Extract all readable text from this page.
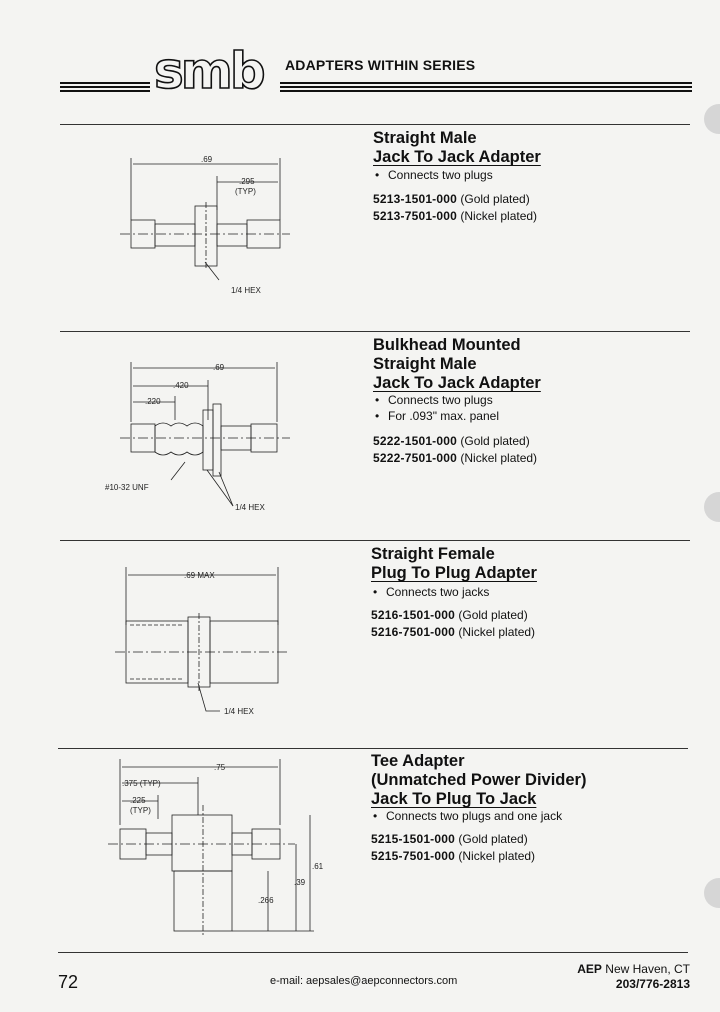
smb ADAPTERS WITHIN SERIES
Straight Male
Jack To Jack Adapter
• Connects two plugs
5213-1501-000 (Gold plated)
5213-7501-000 (Nickel plated)
.69
.295
(TYP)
1/4 HEX
Bulkhead Mounted
Straight Male
Jack To Jack Adapter
• Connects two plugs
• For .093" max. panel
5222-1501-000 (Gold plated)
5222-7501-000 (Nickel plated)
.69
.420
.220
#10-32 UNF
1/4 HEX
Straight Female
Plug To Plug Adapter
• Connects two jacks
5216-1501-000 (Gold plated)
5216-7501-000 (Nickel plated)
.69 MAX
1/4 HEX
Tee Adapter
(Unmatched Power Divider)
Jack To Plug To Jack
• Connects two plugs and one jack
5215-1501-000 (Gold plated)
5215-7501-000 (Nickel plated)
.75
.375 (TYP)
.225
(TYP)
.61
.39
.266
72	e-mail: aepsales@aepconnectors.com
AEP New Haven, CT
203/776-2813
